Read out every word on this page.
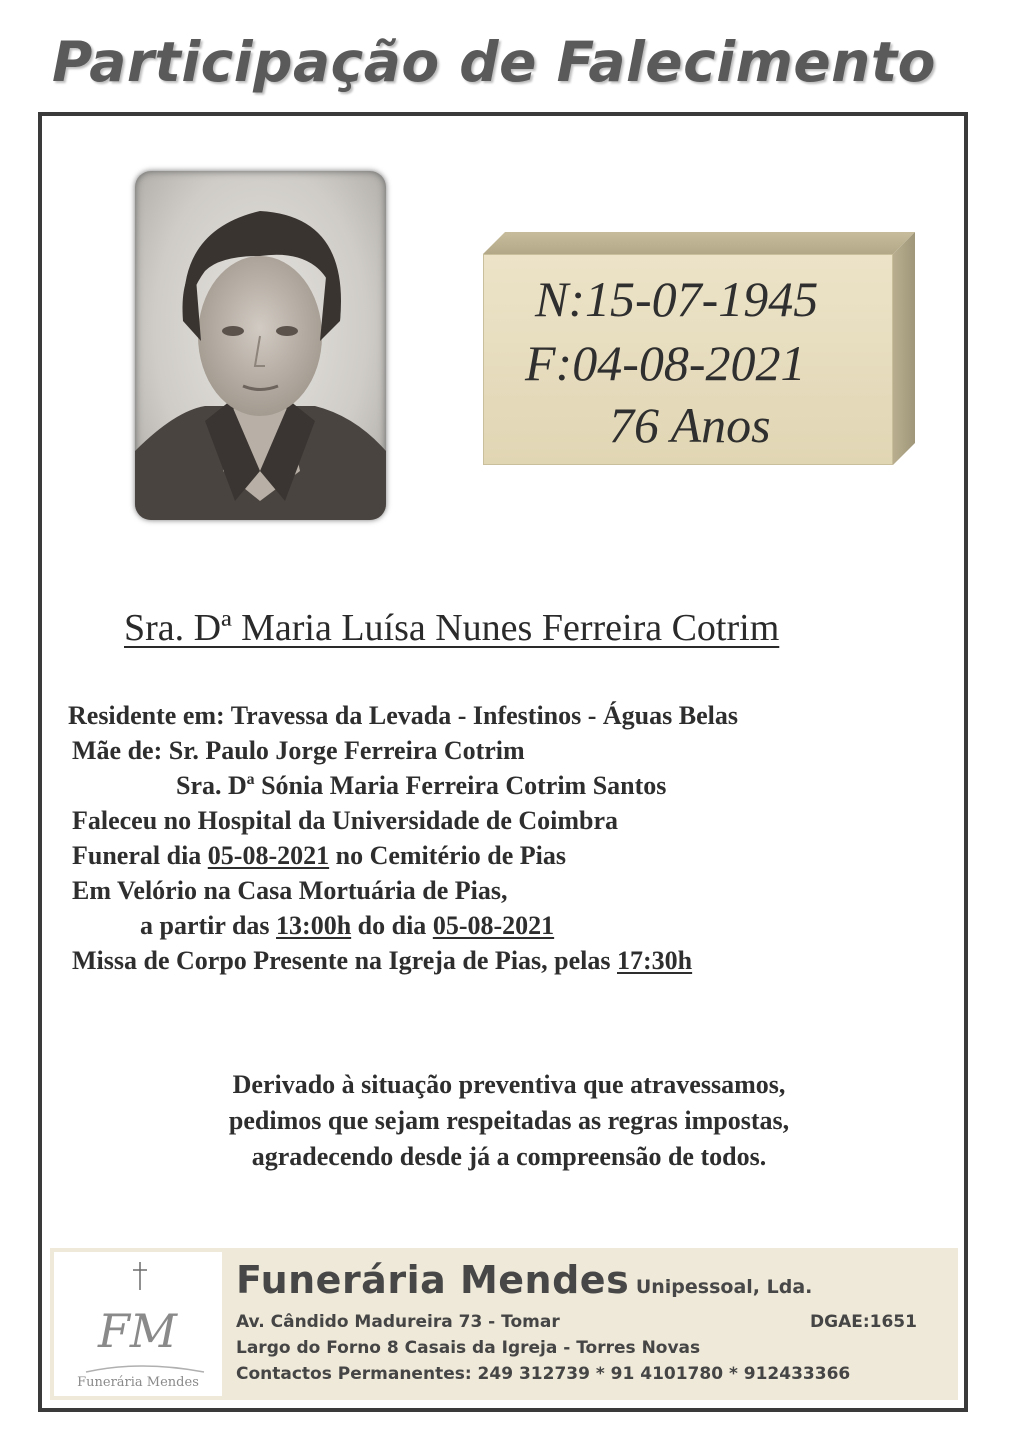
Participação de Falecimento
N:15-07-1945
F:04-08-2021
76 Anos
Sra. Dª Maria Luísa Nunes Ferreira Cotrim
Residente em: Travessa da Levada - Infestinos - Águas Belas
Mãe de: Sr. Paulo Jorge Ferreira Cotrim
Sra. Dª Sónia Maria Ferreira Cotrim Santos
Faleceu no Hospital da Universidade de Coimbra
Funeral dia 05-08-2021 no Cemitério de Pias
Em Velório na Casa Mortuária de Pias,
a partir das 13:00h do dia 05-08-2021
Missa de Corpo Presente na Igreja de Pias, pelas 17:30h
Derivado à situação preventiva que atravessamos,
pedimos que sejam respeitadas as regras impostas,
agradecendo desde já a compreensão de todos.
FM
Funerária Mendes
Funerária Mendes Unipessoal, Lda.
Av. Cândido Madureira 73 - Tomar	DGAE:1651
Largo do Forno 8 Casais da Igreja - Torres Novas
Contactos Permanentes: 249 312739 * 91 4101780 * 912433366
